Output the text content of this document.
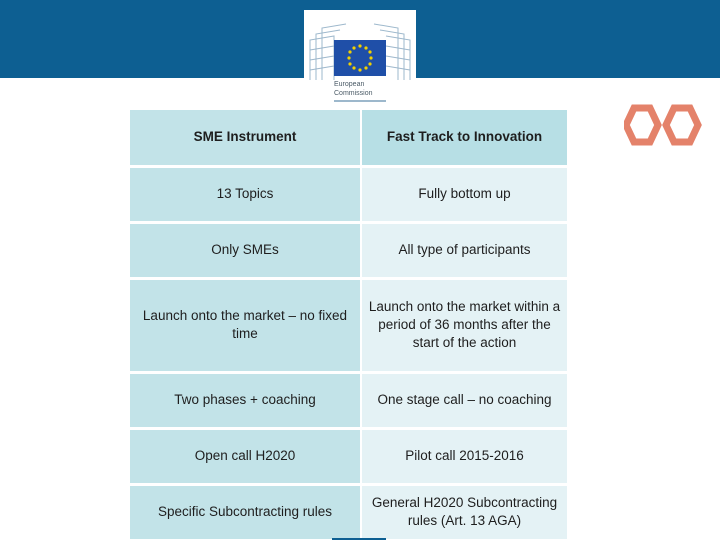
European
Commission
SME Instrument	Fast Track to Innovation
13 Topics	Fully bottom up
Only SMEs	All type of participants
Launch onto the market – no fixed time	Launch onto the market within a period of 36 months after the start of the action
Two phases + coaching	One stage call – no coaching
Open call H2020	Pilot call 2015-2016
Specific Subcontracting rules	General H2020 Subcontracting rules (Art. 13 AGA)
